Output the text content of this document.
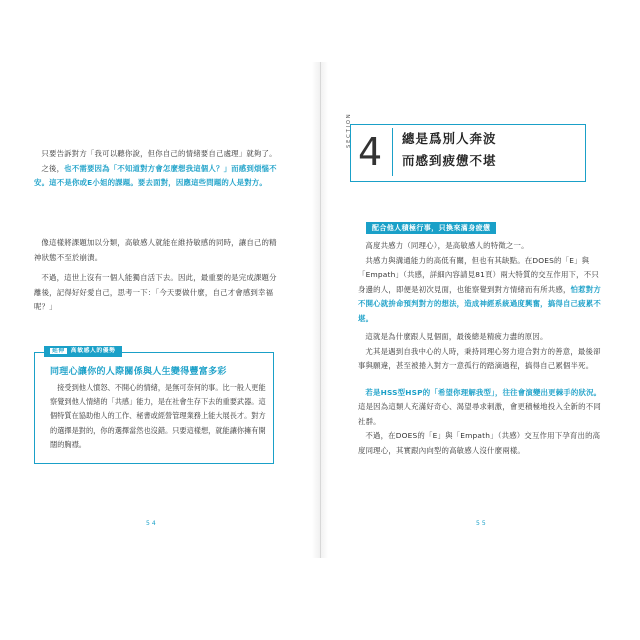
只要告訴對方「我可以聽你說，但你自己的情緒要自己處理」就夠了。

之後，也不需要因為「不知道對方會怎麼想我這個人？」而感到煩惱不安。這不是你或E小姐的課題。要去面對，因應這些問題的人是對方。

像這樣將課題加以分類，高敏感人就能在維持敏感的同時，讓自己的精神狀態不至於崩潰。

不過，這世上沒有一個人能獨自活下去。因此，最重要的是完成課題分離後，記得好好愛自己，思考一下：「今天要做什麼，自己才會感到幸福呢？」

延伸 高敏感人的優勢
同理心讓你的人際關係與人生變得豐富多彩
接受到他人憤怒、不開心的情緒，是無可奈何的事。比一般人更能察覺到他人情緒的「共感」能力，是在社會生存下去的重要武器。這個特質在協助他人的工作、秘書或經營管理業務上能大展長才。對方的選擇是對的，你的選擇當然也沒錯。只要這樣想，就能讓你擁有開闊的胸襟。
54
SECTION 4 總是爲別人奔波
而感到疲憊不堪
配合他人積極行事，只換來滿身疲憊

高度共感力（同理心），是高敏感人的特徵之一。

共感力與溝通能力的高低有關，但也有其缺點。在DOES的「E」與「Empath」（共感，詳細內容請見81頁）兩大特質的交互作用下，不只身邊的人，即便是初次見面，也能察覺到對方情緒而有所共感，怕惹對方不開心就拚命預判對方的想法，造成神經系統過度興奮，搞得自己疲累不堪。

這就是為什麼跟人見個面，最後總是精疲力盡的原因。

尤其是遇到自我中心的人時，秉持同理心努力迎合對方的善意，最後卻事與願違，甚至被捲入對方一意孤行的踏滴過程，搞得自己累個半死。

若是HSS型HSP的「希望你理解我型」，往往會演變出更棘手的狀況。這是因為這類人充滿好奇心、渴望尋求刺激，會更積極地投入全新的不同社群。

不過，在DOES的「E」與「Empath」（共感）交互作用下孕育出的高度同理心，其實跟內向型的高敏感人沒什麼兩樣。

55
